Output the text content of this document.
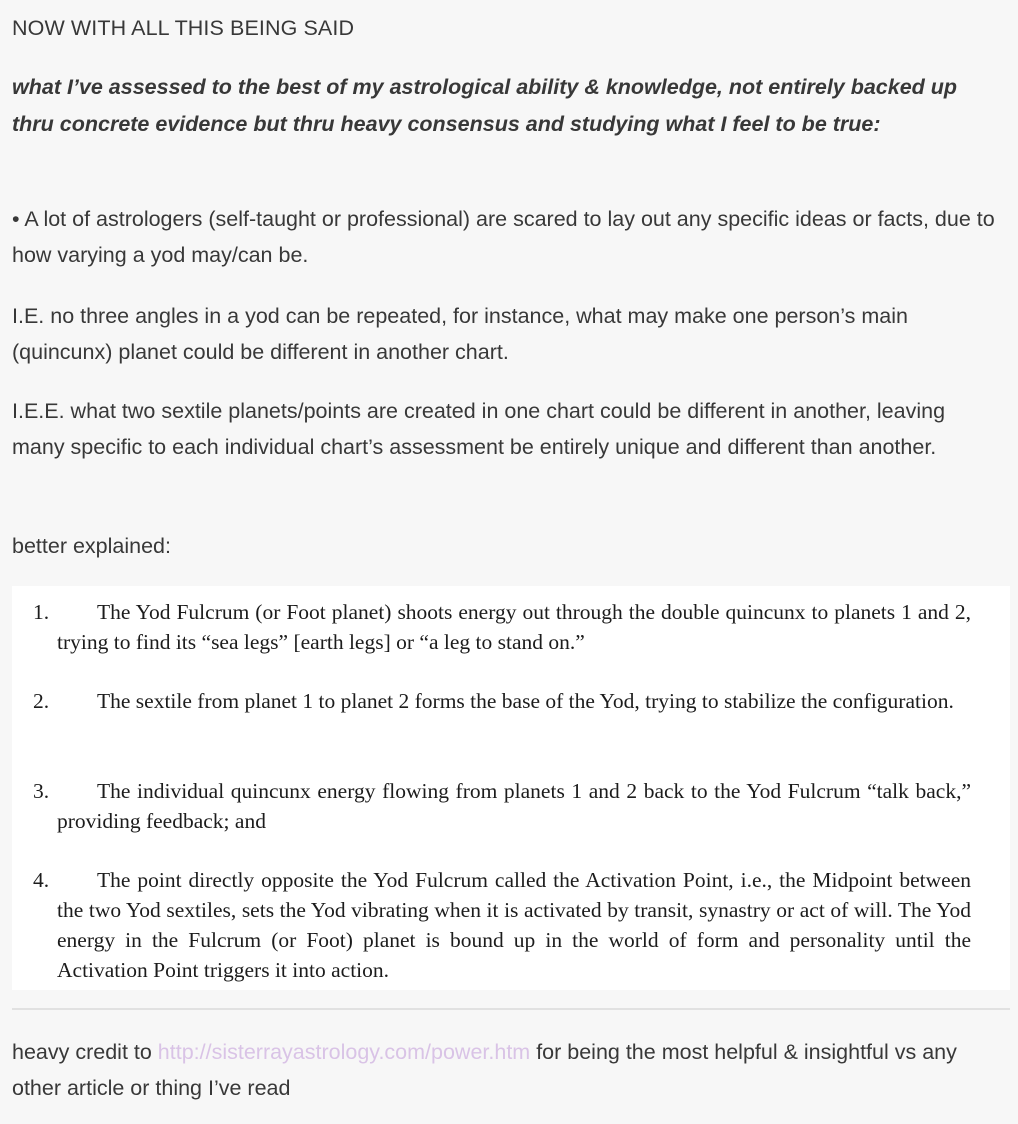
NOW WITH ALL THIS BEING SAID

what I’ve assessed to the best of my astrological ability & knowledge, not entirely backed up thru concrete evidence but thru heavy consensus and studying what I feel to be true:

• A lot of astrologers (self-taught or professional) are scared to lay out any specific ideas or facts, due to how varying a yod may/can be.

I.E. no three angles in a yod can be repeated, for instance, what may make one person’s main (quincunx) planet could be different in another chart.

I.E.E. what two sextile planets/points are created in one chart could be different in another, leaving many specific to each individual chart’s assessment be entirely unique and different than another.

better explained:

1.	The Yod Fulcrum (or Foot planet) shoots energy out through the double quincunx to planets 1 and 2, trying to find its “sea legs” [earth legs] or “a leg to stand on.”
2.	The sextile from planet 1 to planet 2 forms the base of the Yod, trying to stabilize the configuration.
3.	The individual quincunx energy flowing from planets 1 and 2 back to the Yod Fulcrum “talk back,” providing feedback; and
4.	The point directly opposite the Yod Fulcrum called the Activation Point, i.e., the Midpoint between the two Yod sextiles, sets the Yod vibrating when it is activated by transit, synastry or act of will. The Yod energy in the Fulcrum (or Foot) planet is bound up in the world of form and personality until the Activation Point triggers it into action.

heavy credit to http://sisterrayastrology.com/power.htm for being the most helpful & insightful vs any other article or thing I’ve read
